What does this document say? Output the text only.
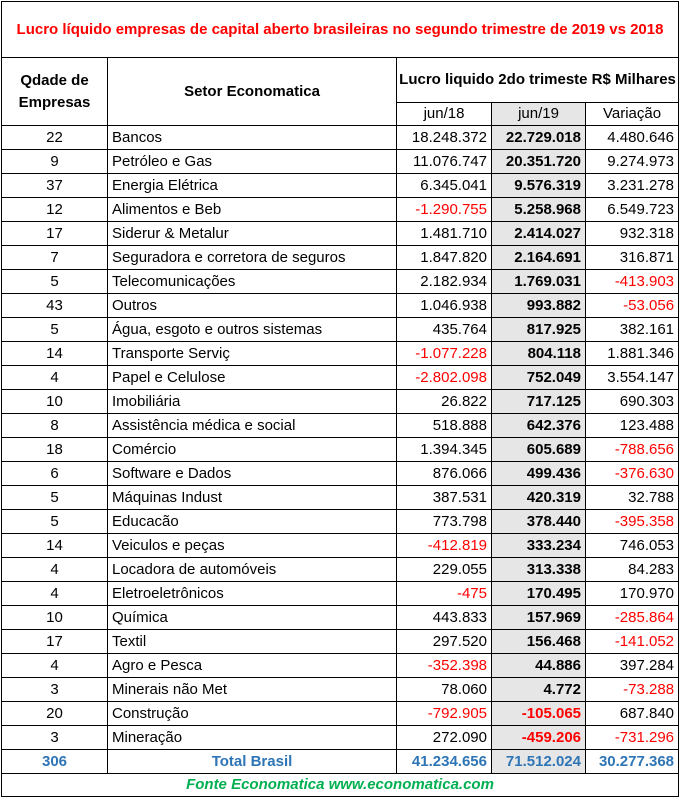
Lucro líquido empresas de capital aberto brasileiras no segundo trimestre de 2019 vs 2018				
Qdade de Empresas	Setor Economatica	Lucro liquido 2do trimeste R$ Milhares		
		jun/18	jun/19	Variação
22	Bancos	18.248.372	22.729.018	4.480.646
9	Petróleo e Gas	11.076.747	20.351.720	9.274.973
37	Energia Elétrica	6.345.041	9.576.319	3.231.278
12	Alimentos e Beb	-1.290.755	5.258.968	6.549.723
17	Siderur & Metalur	1.481.710	2.414.027	932.318
7	Seguradora e corretora de seguros	1.847.820	2.164.691	316.871
5	Telecomunicações	2.182.934	1.769.031	-413.903
43	Outros	1.046.938	993.882	-53.056
5	Água, esgoto e outros sistemas	435.764	817.925	382.161
14	Transporte Serviç	-1.077.228	804.118	1.881.346
4	Papel e Celulose	-2.802.098	752.049	3.554.147
10	Imobiliária	26.822	717.125	690.303
8	Assistência médica e social	518.888	642.376	123.488
18	Comércio	1.394.345	605.689	-788.656
6	Software e Dados	876.066	499.436	-376.630
5	Máquinas Indust	387.531	420.319	32.788
5	Educacão	773.798	378.440	-395.358
14	Veiculos e peças	-412.819	333.234	746.053
4	Locadora de automóveis	229.055	313.338	84.283
4	Eletroeletrônicos	-475	170.495	170.970
10	Química	443.833	157.969	-285.864
17	Textil	297.520	156.468	-141.052
4	Agro e Pesca	-352.398	44.886	397.284
3	Minerais não Met	78.060	4.772	-73.288
20	Construção	-792.905	-105.065	687.840
3	Mineração	272.090	-459.206	-731.296
306	Total Brasil	41.234.656	71.512.024	30.277.368
Fonte Economatica www.economatica.com				
